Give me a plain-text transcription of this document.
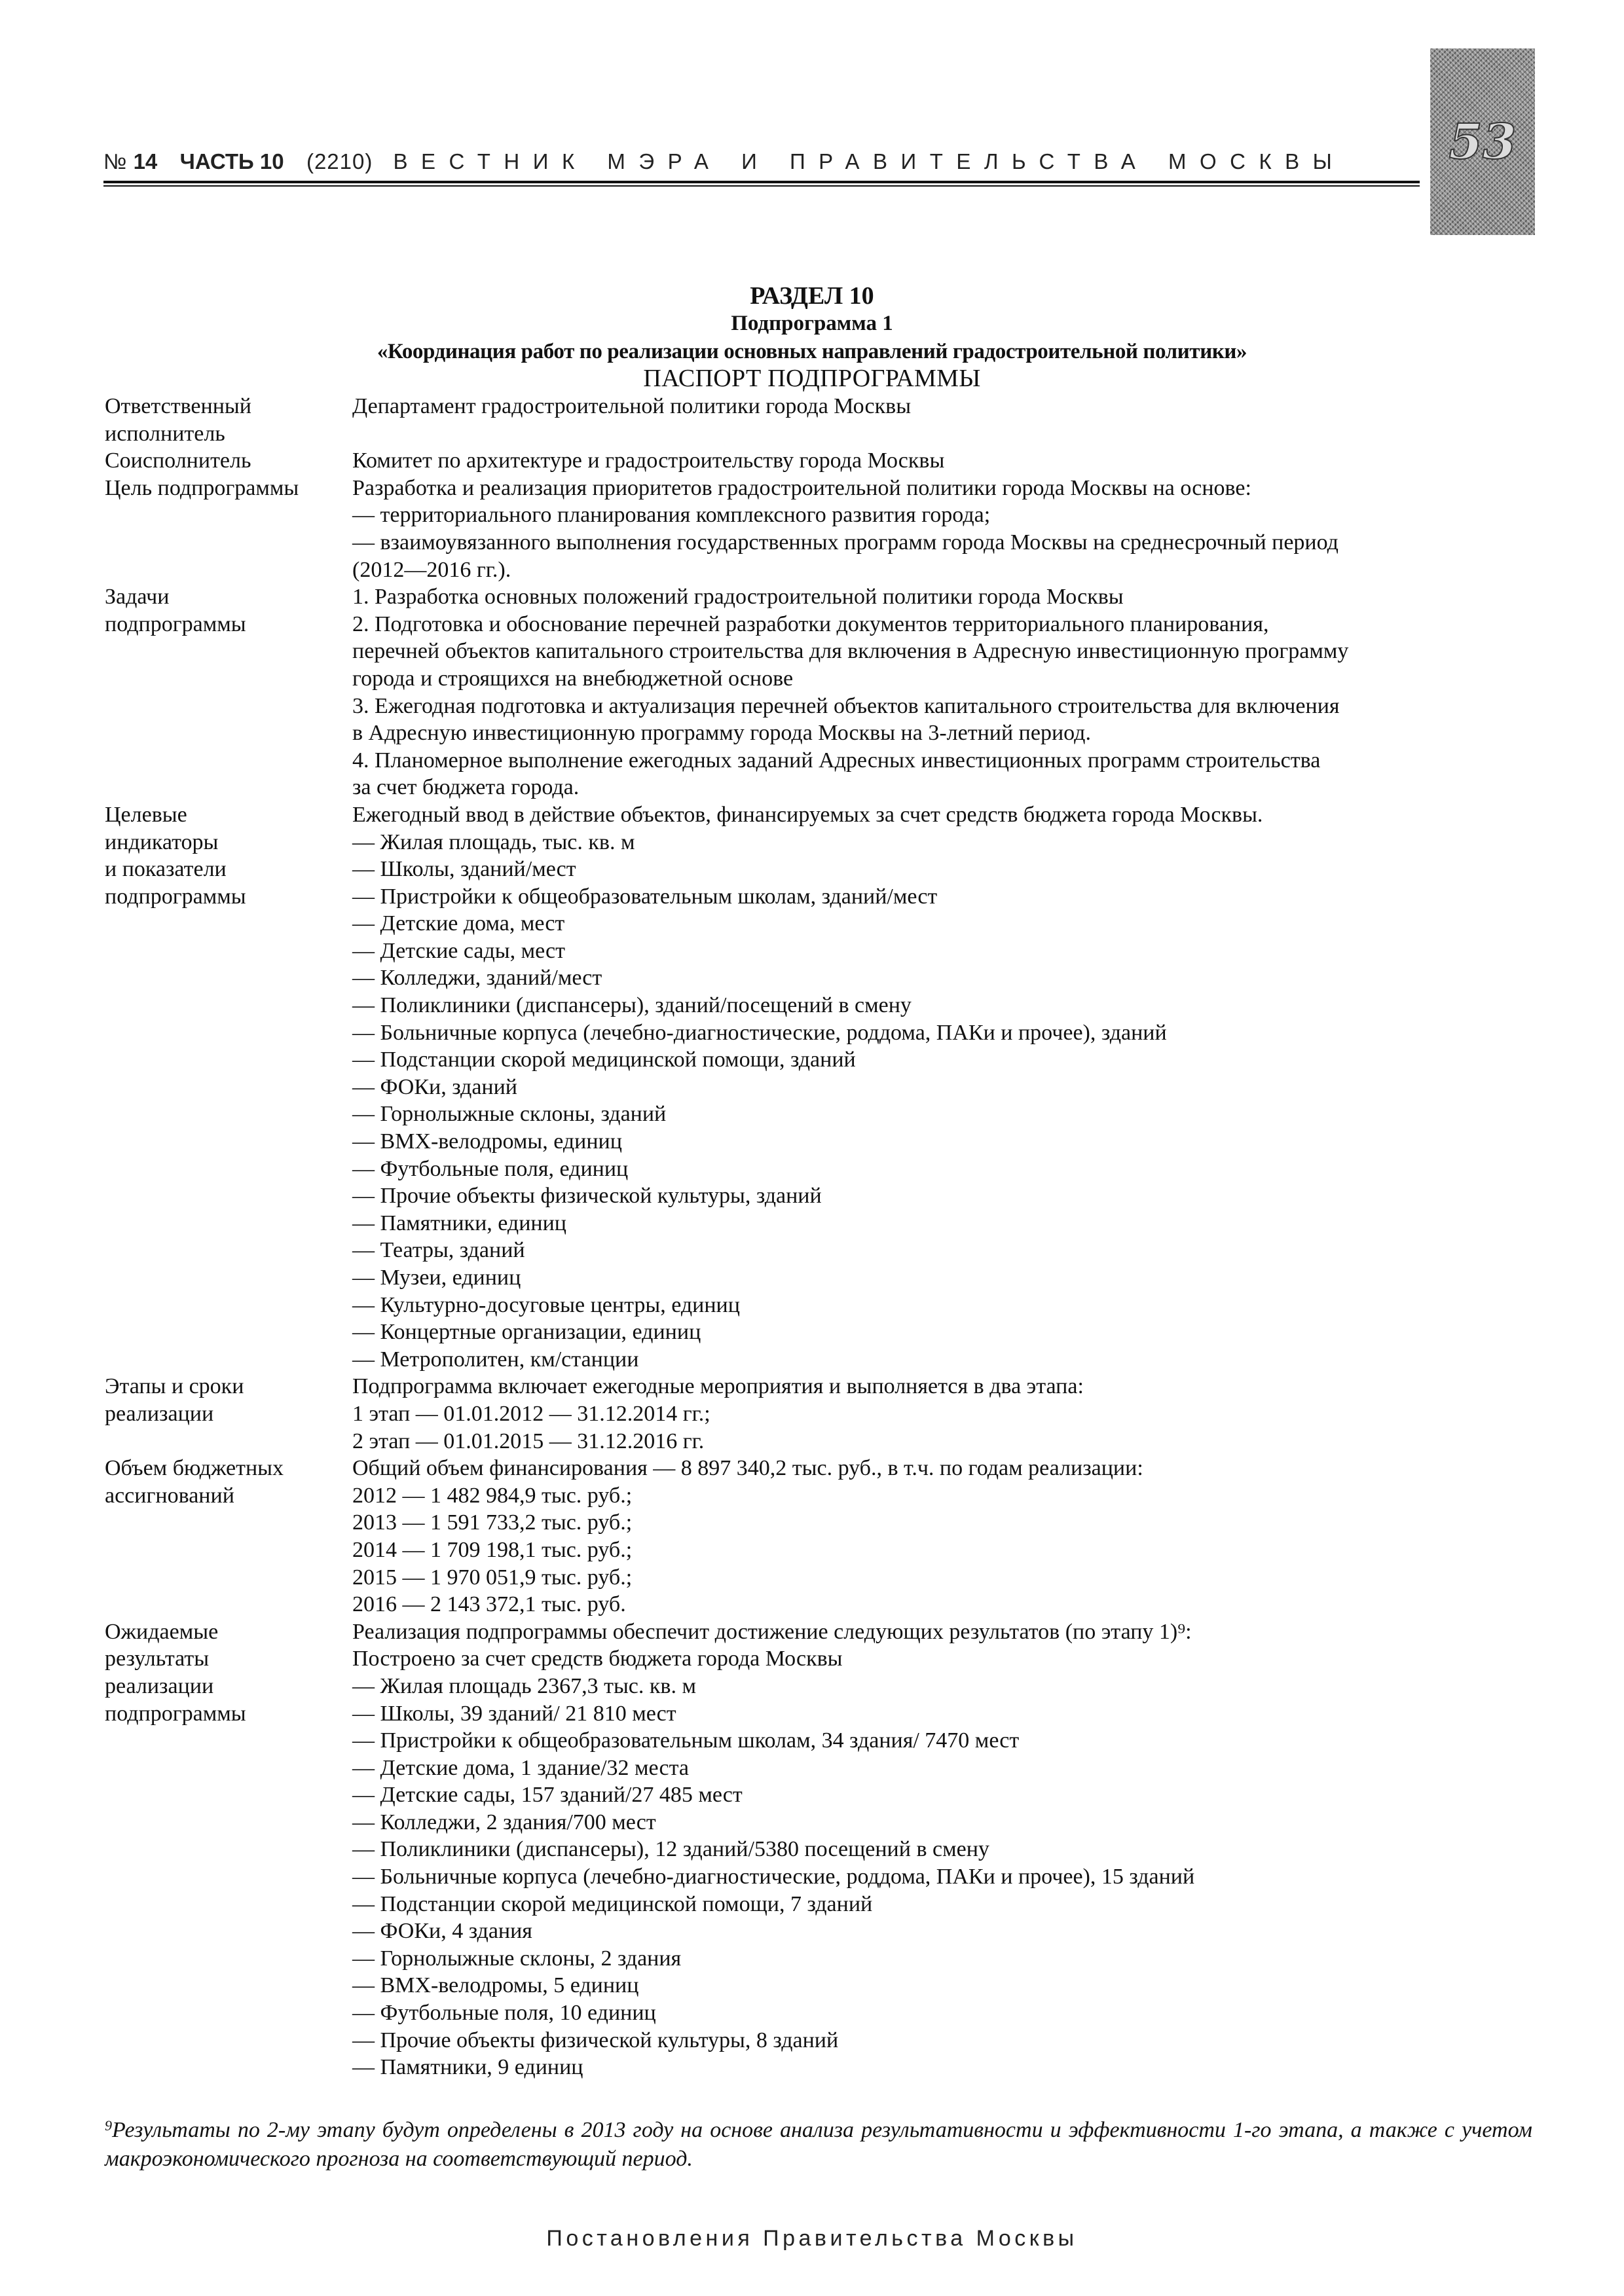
№ 14 ЧАСТЬ 10 (2210) ВЕСТНИК МЭРА И ПРАВИТЕЛЬСТВА МОСКВЫ 53
РАЗДЕЛ 10
Подпрограмма 1
«Координация работ по реализации основных направлений градостроительной политики»
ПАСПОРТ ПОДПРОГРАММЫ
Ответственный
исполнитель
Департамент градостроительной политики города Москвы
Соисполнитель	Комитет по архитектуре и градостроительству города Москвы
Цель подпрограммы	Разработка и реализация приоритетов градостроительной политики города Москвы на основе:
— территориального планирования комплексного развития города;
— взаимоувязанного выполнения государственных программ города Москвы на среднесрочный период
(2012—2016 гг.).
Задачи
подпрограммы
1. Разработка основных положений градостроительной политики города Москвы
2. Подготовка и обоснование перечней разработки документов территориального планирования,
перечней объектов капитального строительства для включения в Адресную инвестиционную программу
города и строящихся на внебюджетной основе
3. Ежегодная подготовка и актуализация перечней объектов капитального строительства для включения
в Адресную инвестиционную программу города Москвы на 3-летний период.
4. Планомерное выполнение ежегодных заданий Адресных инвестиционных программ строительства
за счет бюджета города.
Целевые
индикаторы
и показатели
подпрограммы
Ежегодный ввод в действие объектов, финансируемых за счет средств бюджета города Москвы.
— Жилая площадь, тыс. кв. м
— Школы, зданий/мест
— Пристройки к общеобразовательным школам, зданий/мест
— Детские дома, мест
— Детские сады, мест
— Колледжи, зданий/мест
— Поликлиники (диспансеры), зданий/посещений в смену
— Больничные корпуса (лечебно-диагностические, роддома, ПАКи и прочее), зданий
— Подстанции скорой медицинской помощи, зданий
— ФОКи, зданий
— Горнолыжные склоны, зданий
— ВМХ-велодромы, единиц
— Футбольные поля, единиц
— Прочие объекты физической культуры, зданий
— Памятники, единиц
— Театры, зданий
— Музеи, единиц
— Культурно-досуговые центры, единиц
— Концертные организации, единиц
— Метрополитен, км/станции
Этапы и сроки
реализации
Подпрограмма включает ежегодные мероприятия и выполняется в два этапа:
1 этап — 01.01.2012 — 31.12.2014 гг.;
2 этап — 01.01.2015 — 31.12.2016 гг.
Объем бюджетных
ассигнований
Общий объем финансирования — 8 897 340,2 тыс. руб., в т.ч. по годам реализации:
2012 — 1 482 984,9 тыс. руб.;
2013 — 1 591 733,2 тыс. руб.;
2014 — 1 709 198,1 тыс. руб.;
2015 — 1 970 051,9 тыс. руб.;
2016 — 2 143 372,1 тыс. руб.
Ожидаемые
результаты
реализации
подпрограммы
Реализация подпрограммы обеспечит достижение следующих результатов (по этапу 1)⁹:
Построено за счет средств бюджета города Москвы
— Жилая площадь 2367,3 тыс. кв. м
— Школы, 39 зданий/ 21 810 мест
— Пристройки к общеобразовательным школам, 34 здания/ 7470 мест
— Детские дома, 1 здание/32 места
— Детские сады, 157 зданий/27 485 мест
— Колледжи, 2 здания/700 мест
— Поликлиники (диспансеры), 12 зданий/5380 посещений в смену
— Больничные корпуса (лечебно-диагностические, роддома, ПАКи и прочее), 15 зданий
— Подстанции скорой медицинской помощи, 7 зданий
— ФОКи, 4 здания
— Горнолыжные склоны, 2 здания
— ВМХ-велодромы, 5 единиц
— Футбольные поля, 10 единиц
— Прочие объекты физической культуры, 8 зданий
— Памятники, 9 единиц
$^9$Результаты по 2-му этапу будут определены в 2013 году на основе анализа результативности и эффективности 1-го этапа, а также с учетом макроэкономического прогноза на соответствующий период.
Постановления Правительства Москвы
